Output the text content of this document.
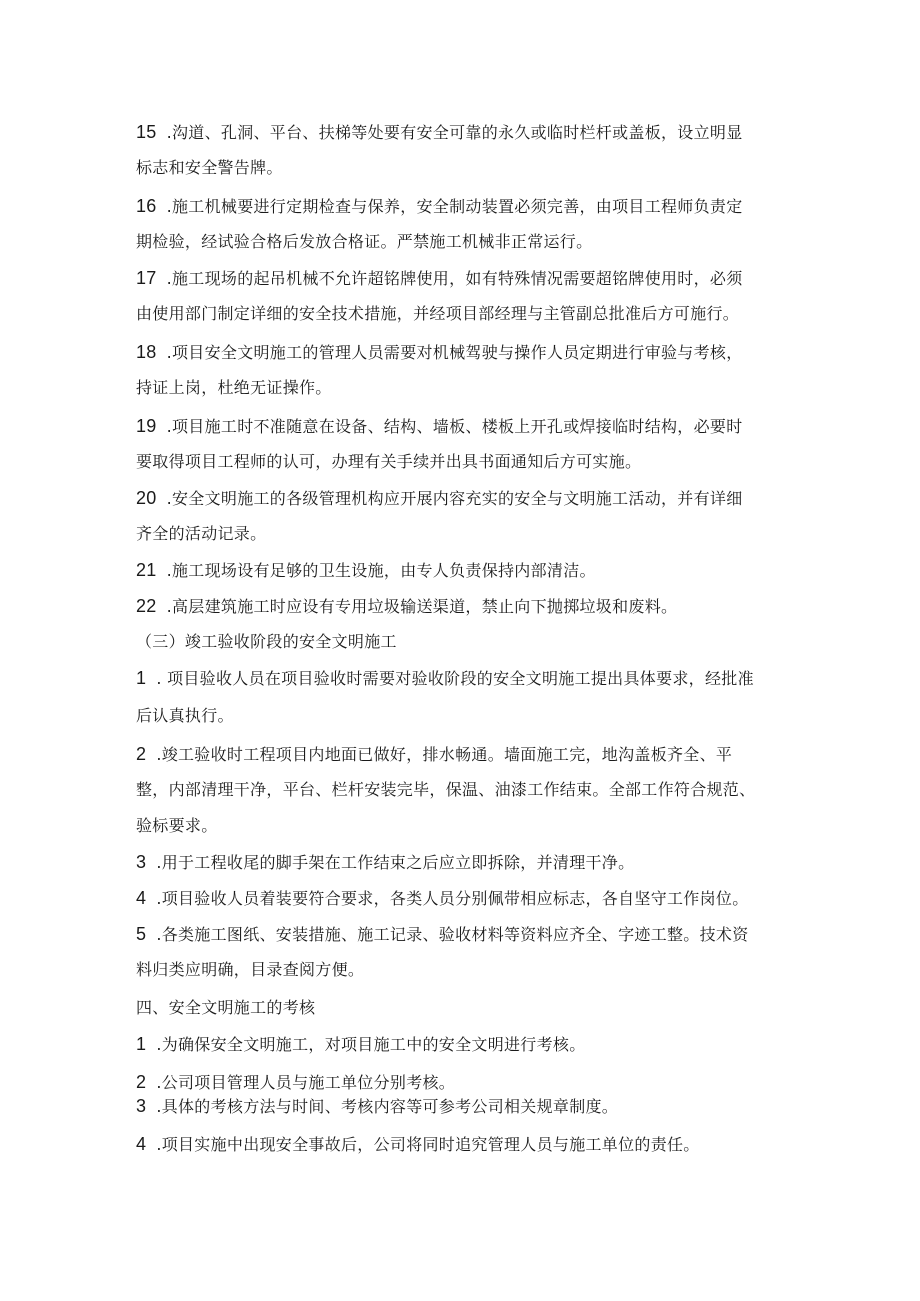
15 .沟道、孔洞、平台、扶梯等处要有安全可靠的永久或临时栏杆或盖板，设立明显
标志和安全警告牌。
16 .施工机械要进行定期检查与保养，安全制动装置必须完善，由项目工程师负责定
期检验，经试验合格后发放合格证。严禁施工机械非正常运行。
17 .施工现场的起吊机械不允许超铭牌使用，如有特殊情况需要超铭牌使用时，必须
由使用部门制定详细的安全技术措施，并经项目部经理与主管副总批准后方可施行。
18 .项目安全文明施工的管理人员需要对机械驾驶与操作人员定期进行审验与考核，
持证上岗，杜绝无证操作。
19 .项目施工时不准随意在设备、结构、墙板、楼板上开孔或焊接临时结构，必要时
要取得项目工程师的认可，办理有关手续并出具书面通知后方可实施。
20 .安全文明施工的各级管理机构应开展内容充实的安全与文明施工活动，并有详细
齐全的活动记录。
21 .施工现场设有足够的卫生设施，由专人负责保持内部清洁。
22 .高层建筑施工时应设有专用垃圾输送渠道，禁止向下抛掷垃圾和废料。
（三）竣工验收阶段的安全文明施工
1 . 项目验收人员在项目验收时需要对验收阶段的安全文明施工提出具体要求，经批准
后认真执行。
2 .竣工验收时工程项目内地面已做好，排水畅通。墙面施工完，地沟盖板齐全、平
整，内部清理干净，平台、栏杆安装完毕，保温、油漆工作结束。全部工作符合规范、
验标要求。
3 .用于工程收尾的脚手架在工作结束之后应立即拆除，并清理干净。
4 .项目验收人员着装要符合要求，各类人员分别佩带相应标志，各自坚守工作岗位。
5 .各类施工图纸、安装措施、施工记录、验收材料等资料应齐全、字迹工整。技术资
料归类应明确，目录查阅方便。
四、安全文明施工的考核
1 .为确保安全文明施工，对项目施工中的安全文明进行考核。
2 .公司项目管理人员与施工单位分别考核。
3 .具体的考核方法与时间、考核内容等可参考公司相关规章制度。
4 .项目实施中出现安全事故后，公司将同时追究管理人员与施工单位的责任。
